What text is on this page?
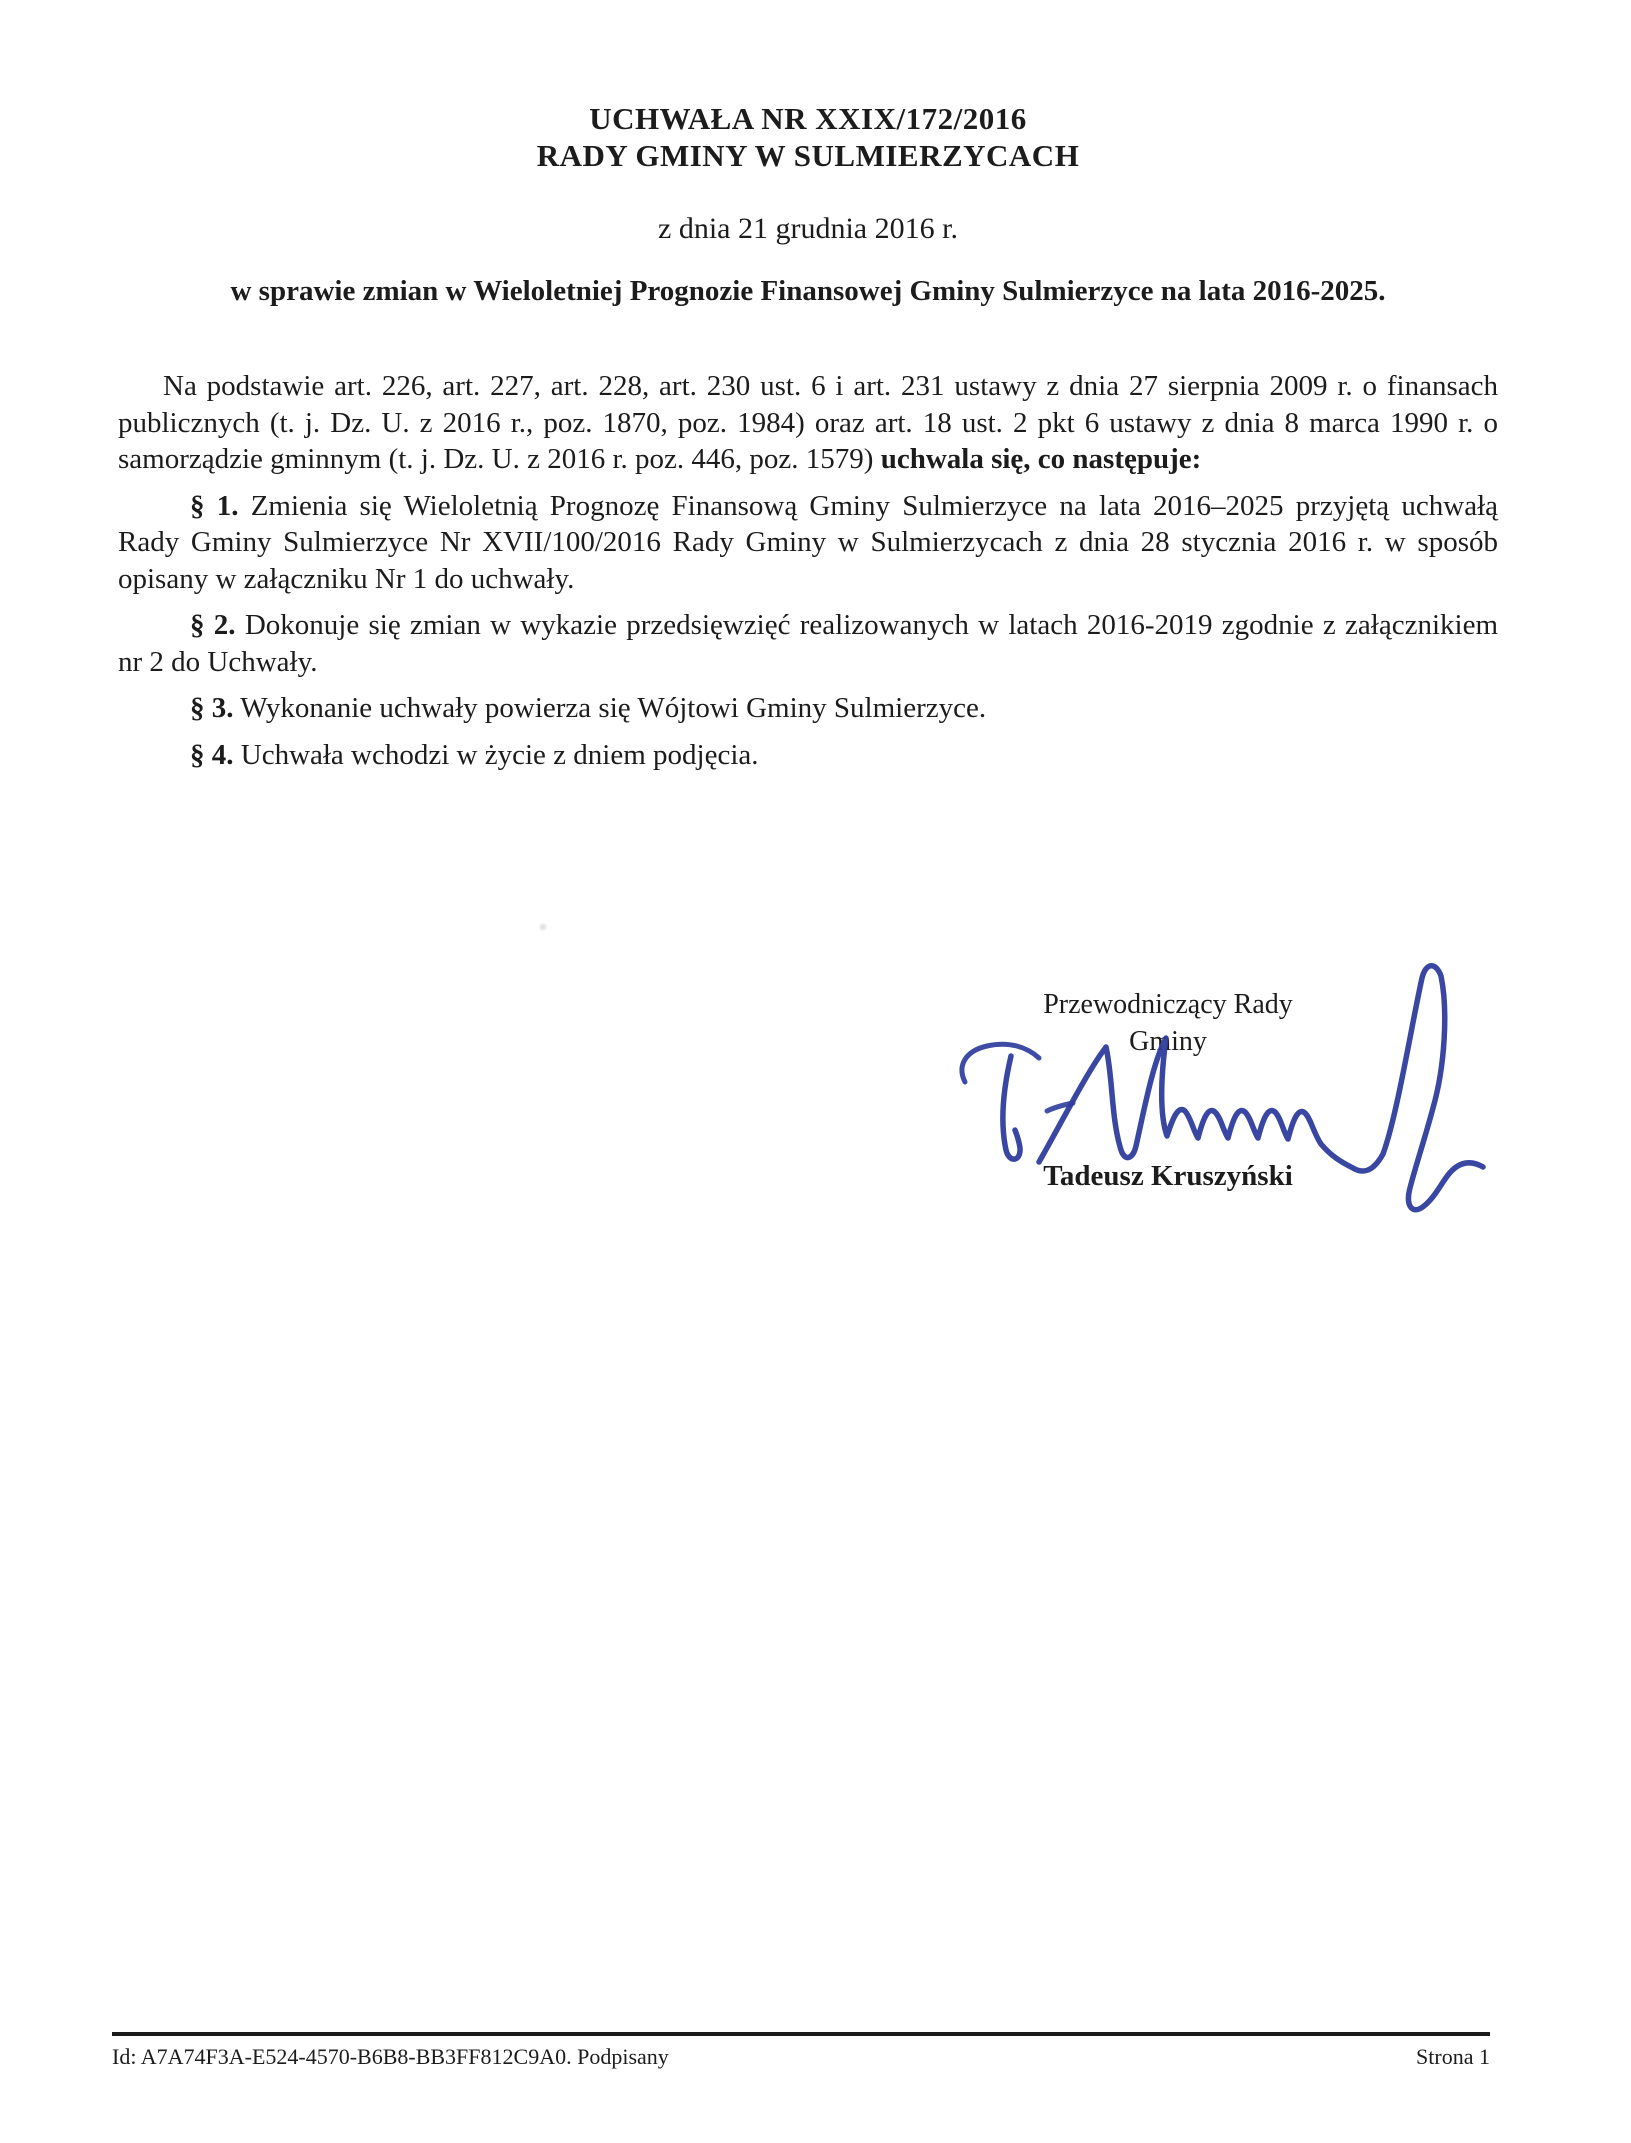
UCHWAŁA NR XXIX/172/2016
RADY GMINY W SULMIERZYCACH

z dnia 21 grudnia 2016 r.

w sprawie zmian w Wieloletniej Prognozie Finansowej Gminy Sulmierzyce na lata 2016-2025.

Na podstawie art. 226, art. 227, art. 228, art. 230 ust. 6 i art. 231 ustawy z dnia 27 sierpnia 2009 r. o finansach publicznych (t. j. Dz. U. z 2016 r., poz. 1870, poz. 1984) oraz art. 18 ust. 2 pkt 6 ustawy z dnia 8 marca 1990 r. o samorządzie gminnym (t. j. Dz. U. z 2016 r. poz. 446, poz. 1579) uchwala się, co następuje:

§ 1. Zmienia się Wieloletnią Prognozę Finansową Gminy Sulmierzyce na lata 2016–2025 przyjętą uchwałą Rady Gminy Sulmierzyce Nr XVII/100/2016 Rady Gminy w Sulmierzycach z dnia 28 stycznia 2016 r. w sposób opisany w załączniku Nr 1 do uchwały.

§ 2. Dokonuje się zmian w wykazie przedsięwzięć realizowanych w latach 2016-2019 zgodnie z załącznikiem nr 2 do Uchwały.

§ 3. Wykonanie uchwały powierza się Wójtowi Gminy Sulmierzyce.

§ 4. Uchwała wchodzi w życie z dniem podjęcia.

Przewodniczący Rady
Gminy

Tadeusz Kruszyński

Id: A7A74F3A-E524-4570-B6B8-BB3FF812C9A0. Podpisany	Strona 1
